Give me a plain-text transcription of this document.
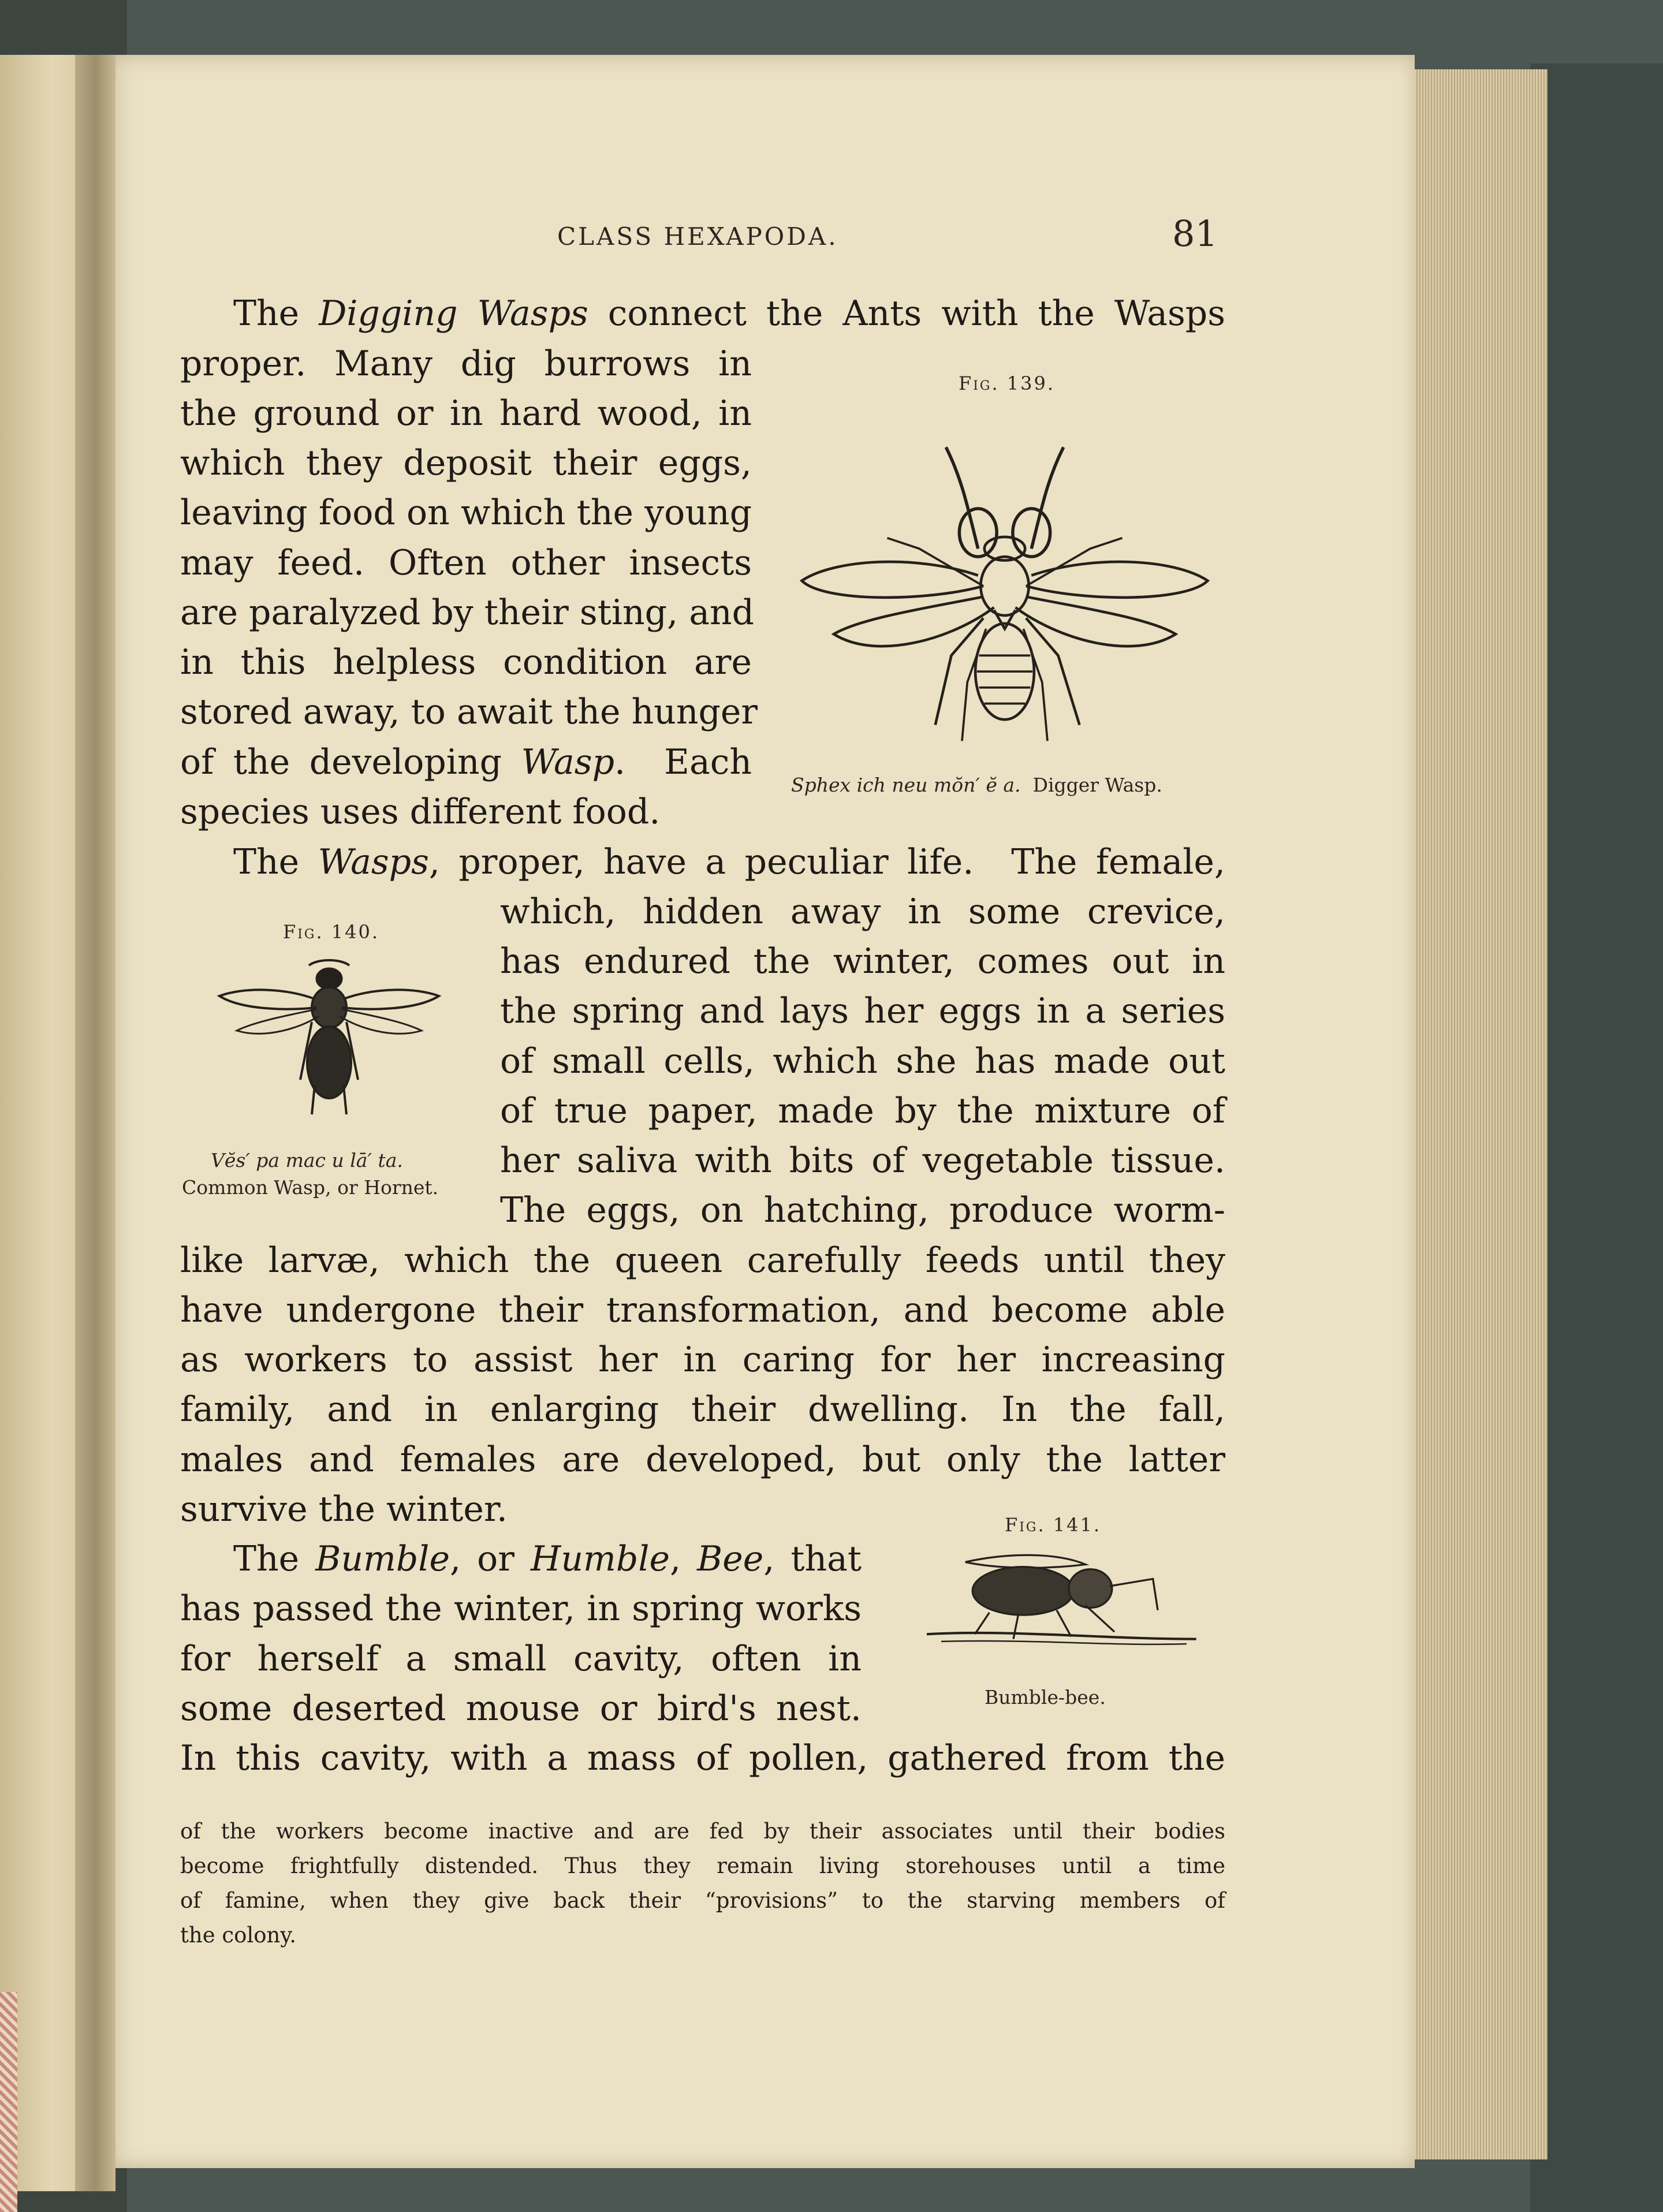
CLASS HEXAPODA.	81
The Digging Wasps connect the Ants with the Wasps
proper. Many dig burrows in
the ground or in hard wood, in
which they deposit their eggs,
leaving food on which the young
may feed. Often other insects
are paralyzed by their sting, and
in this helpless condition are
stored away, to await the hunger
of the developing Wasp.  Each
species uses different food.
Fig. 139.
Sphex ich neu mŏn′ ĕ a. Digger Wasp.
The Wasps, proper, have a peculiar life.  The female,
which, hidden away in some crevice,
has endured the winter, comes out in
the spring and lays her eggs in a series
of small cells, which she has made out
of true paper, made by the mixture of
her saliva with bits of vegetable tissue.
The eggs, on hatching, produce worm-
like larvæ, which the queen carefully feeds until they
have undergone their transformation, and become able
as workers to assist her in caring for her increasing
family, and in enlarging their dwelling. In the fall,
males and females are developed, but only the latter
survive the winter.
Fig. 140.
Vĕs′ pa mac u lā′ ta.
Common Wasp, or Hornet.
The Bumble, or Humble, Bee, that
has passed the winter, in spring works
for herself a small cavity, often in
some deserted mouse or bird's nest.
In this cavity, with a mass of pollen, gathered from the
Fig. 141.
Bumble-bee.
of the workers become inactive and are fed by their associates until their bodies
become frightfully distended. Thus they remain living storehouses until a time
of famine, when they give back their “provisions” to the starving members of
the colony.
